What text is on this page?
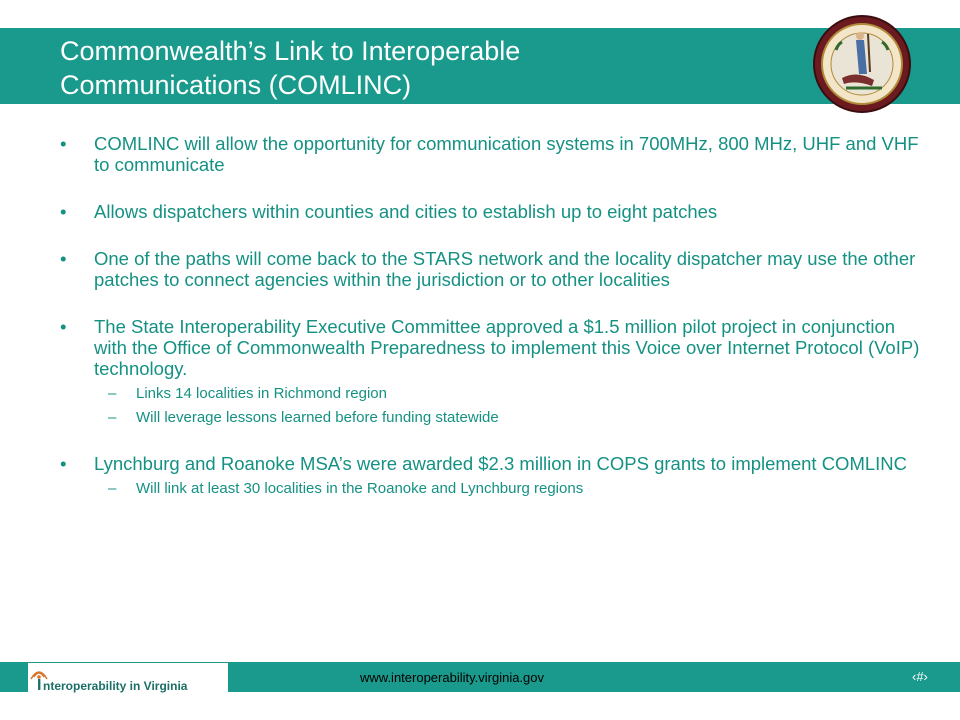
Commonwealth’s Link to Interoperable
Communications (COMLINC)
• COMLINC will allow the opportunity for communication systems in 700MHz, 800 MHz, UHF and VHF to communicate
• Allows dispatchers within counties and cities to establish up to eight patches
• One of the paths will come back to the STARS network and the locality dispatcher may use the other patches to connect agencies within the jurisdiction or to other localities
• The State Interoperability Executive Committee approved a $1.5 million pilot project in conjunction with the Office of Commonwealth Preparedness to implement this Voice over Internet Protocol (VoIP) technology.
– Links 14 localities in Richmond region
– Will leverage lessons learned before funding statewide
• Lynchburg and Roanoke MSA’s were awarded $2.3 million in COPS grants to implement COMLINC
– Will link at least 30 localities in the Roanoke and Lynchburg regions
I nteroperability in Virginia
www.interoperability.virginia.gov	‹#›
